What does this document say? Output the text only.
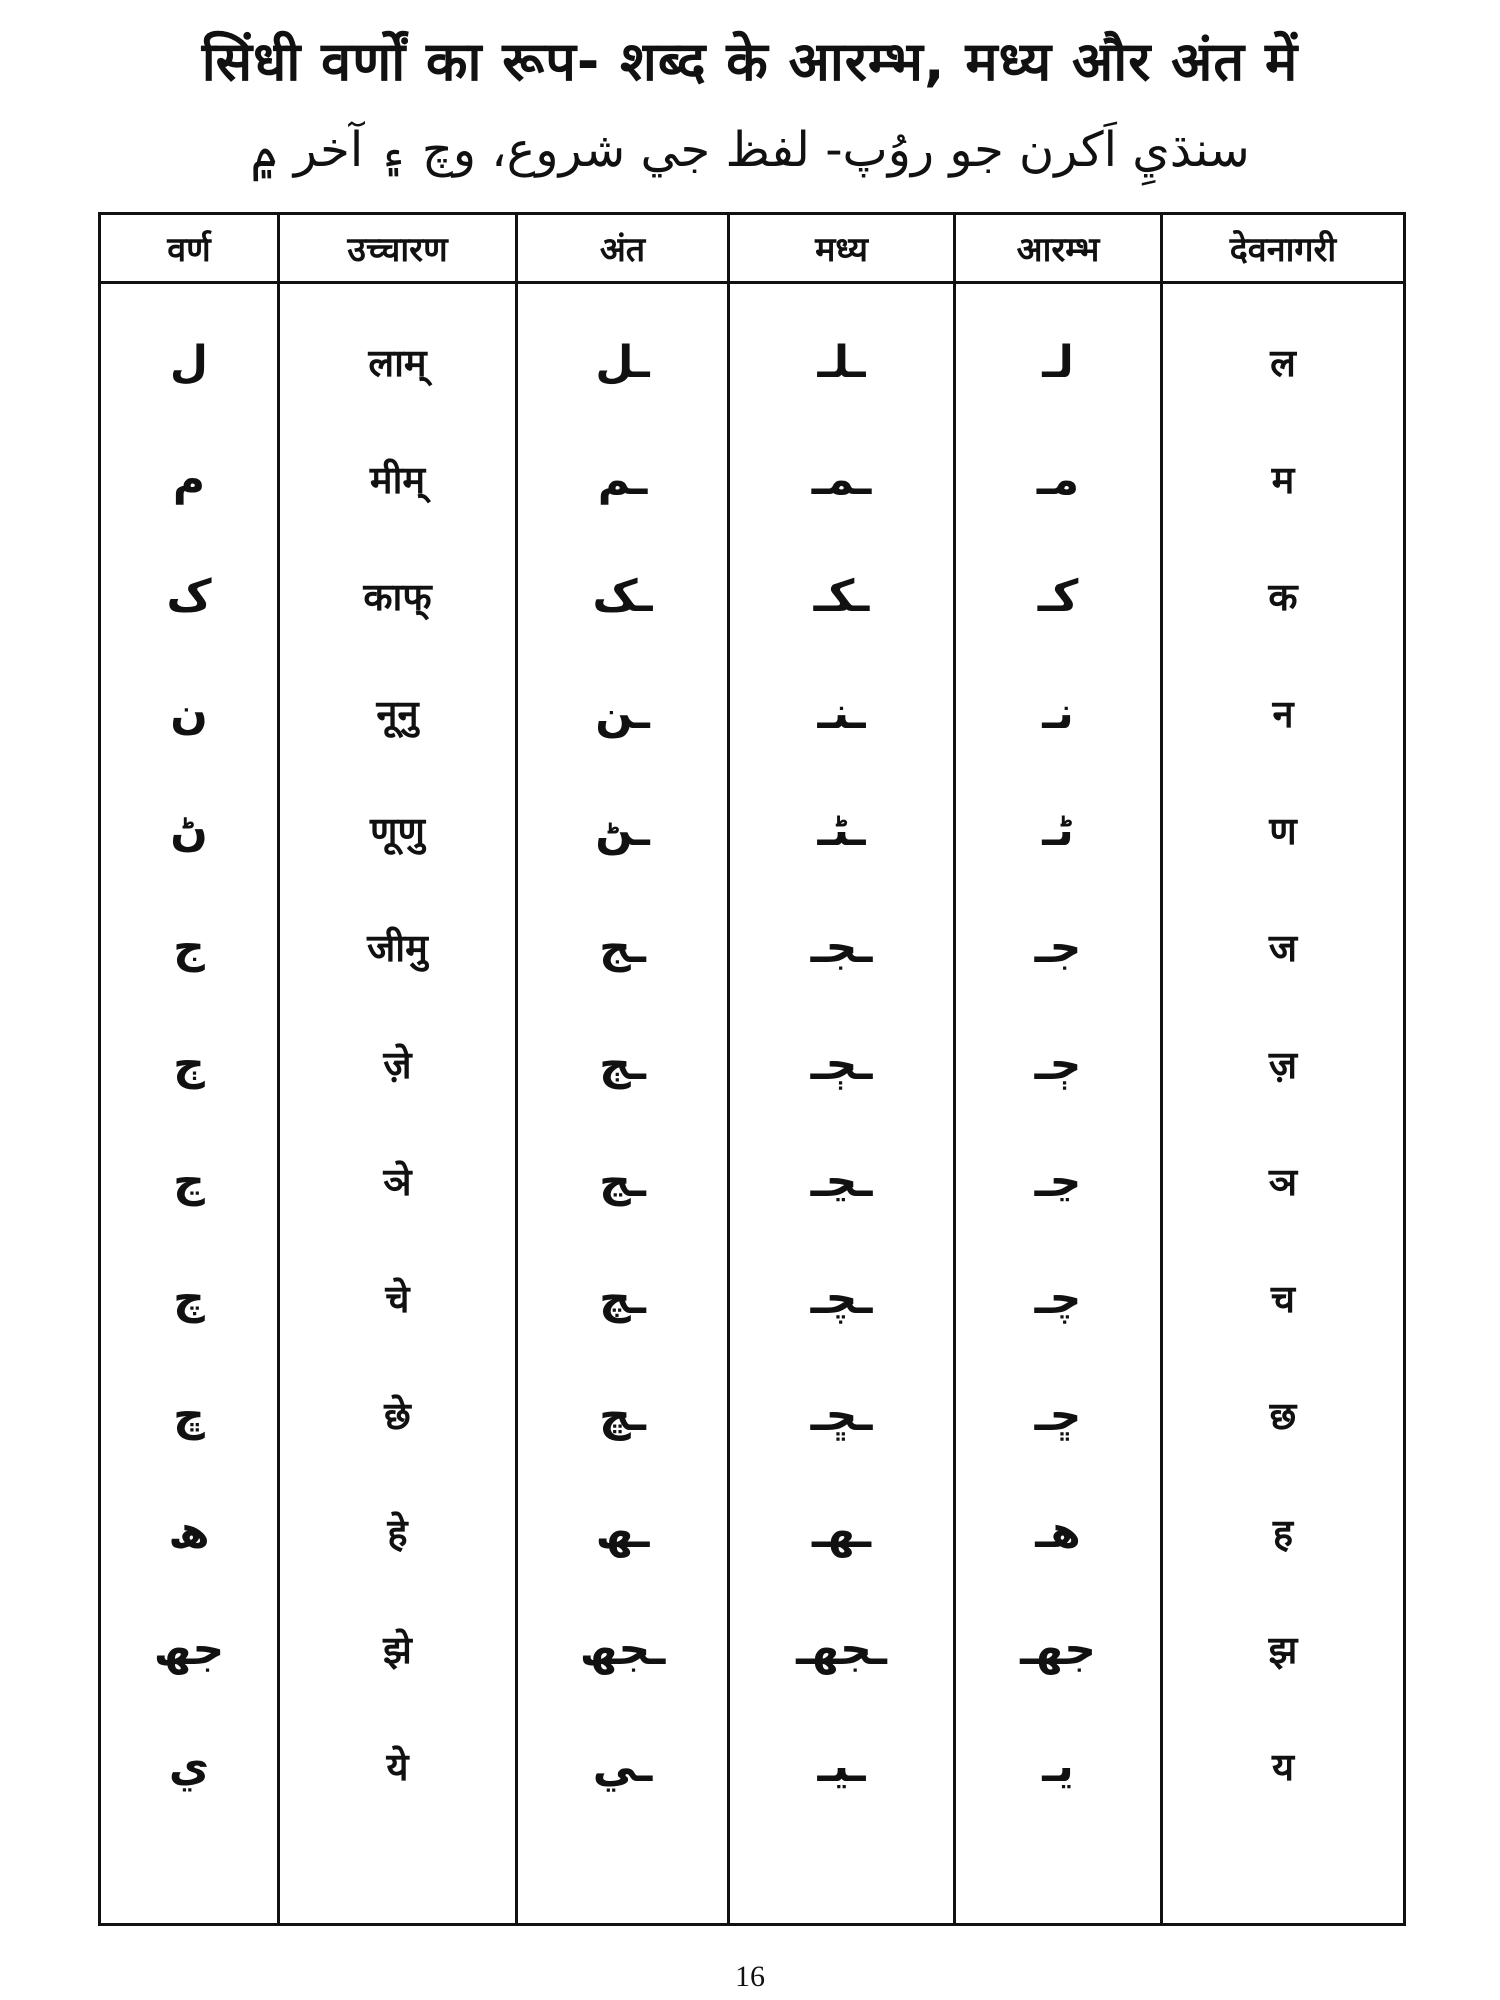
सिंधी वर्णों का रूप- शब्द के आरम्भ, मध्य और अंत में
سنڌيِ اَکرن جو روُپ- لفظ جي شروع، وچ ۽ آخر ۾
वर्ण	उच्चारण	अंत	मध्य	आरम्भ	देवनागरी
ل	लाम्	ـل	ـلـ	لـ	ल
م	मीम्	ـم	ـمـ	مـ	म
ک	काफ्	ـک	ـکـ	کـ	क
ن	नूनु	ـن	ـنـ	نـ	न
ڻ	णूणु	ـڻ	ـڻـ	ڻـ	ण
ج	जीमु	ـج	ـجـ	جـ	ज
ڄ	ज़े	ـڄ	ـڄـ	ڄـ	ज़
ڃ	ञे	ـڃ	ـڃـ	ڃـ	ञ
چ	चे	ـچ	ـچـ	چـ	च
ڇ	छे	ـڇ	ـڇـ	ڇـ	छ
ھ	हे	ـھ	ـھـ	ھـ	ह
جھ	झे	ـجھ	ـجھـ	جھـ	झ
ي	ये	ـي	ـيـ	يـ	य
16
